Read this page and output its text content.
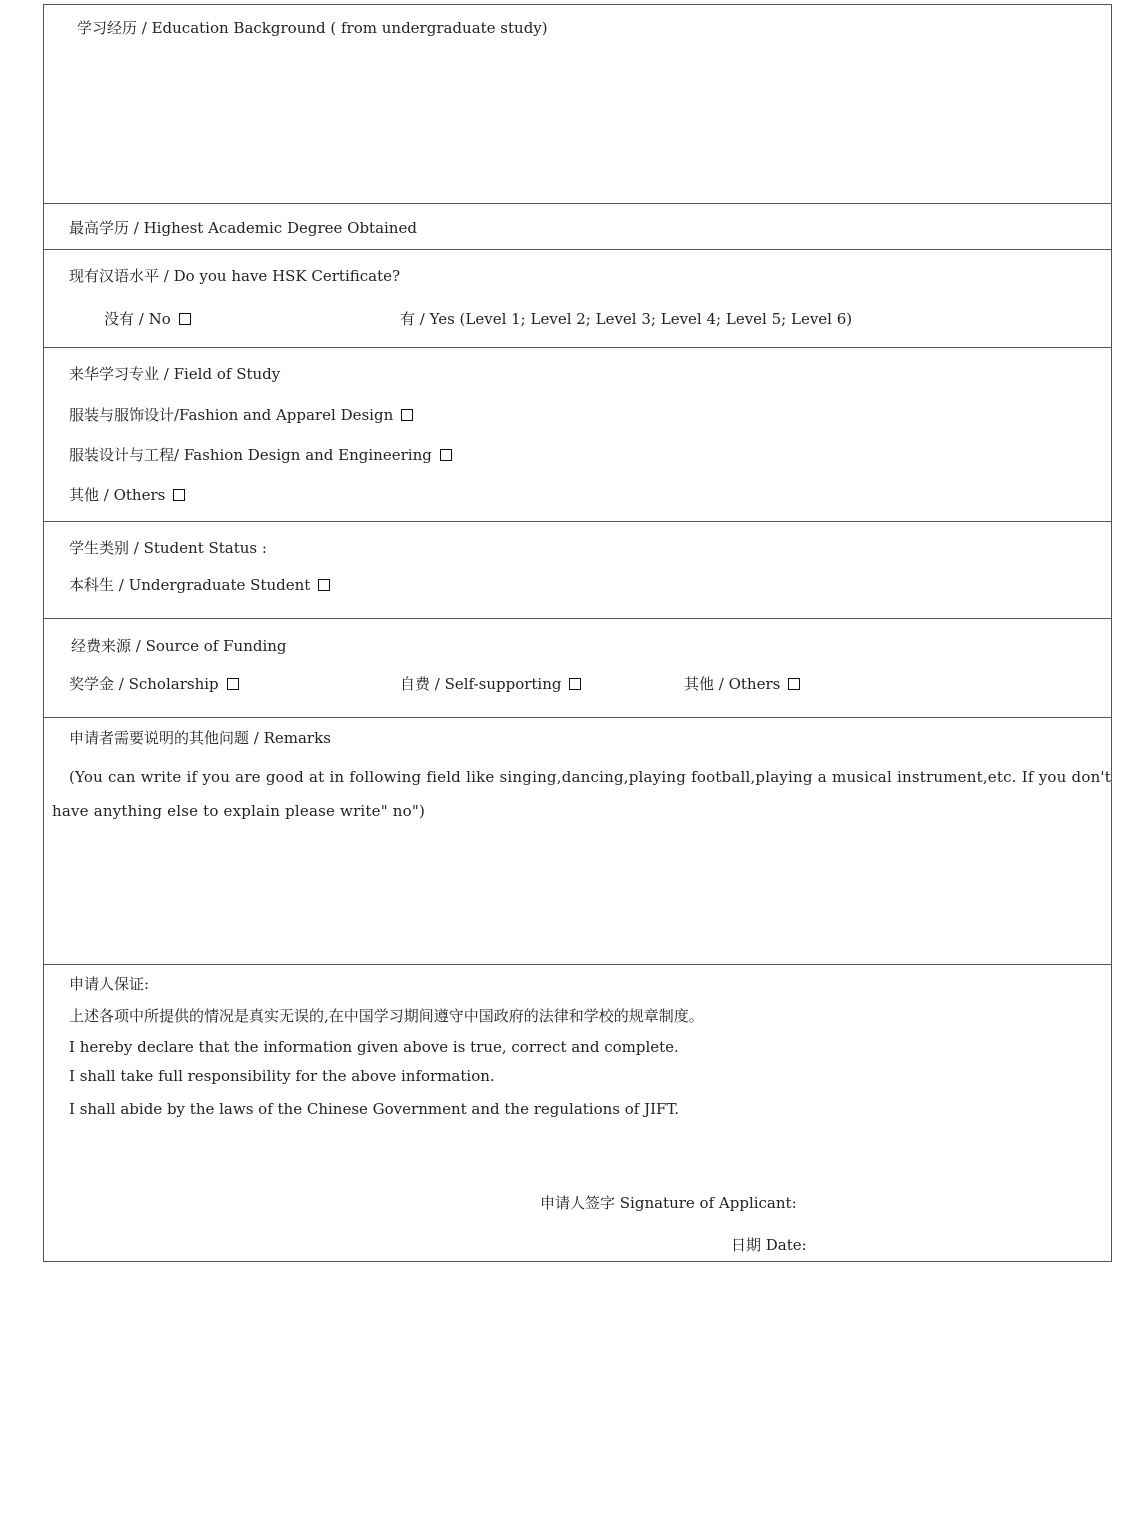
学习经历 / Education Background ( from undergraduate study)
最高学历 / Highest Academic Degree Obtained
现有汉语水平 / Do you have HSK Certificate?
没有 / No	有 / Yes (Level 1; Level 2; Level 3; Level 4; Level 5; Level 6)
来华学习专业 / Field of Study
服装与服饰设计/Fashion and Apparel Design
服装设计与工程/ Fashion Design and Engineering
其他 / Others
学生类别 / Student Status :
本科生 / Undergraduate Student
经费来源 / Source of Funding
奖学金 / Scholarship	自费 / Self-supporting	其他 / Others
申请者需要说明的其他问题 / Remarks
(You can write if you are good at in following field like singing,dancing,playing football,playing a musical instrument,etc. If you don't have anything else to explain please write" no")
申请人保证:
上述各项中所提供的情况是真实无误的,在中国学习期间遵守中国政府的法律和学校的规章制度。
I hereby declare that the information given above is true, correct and complete.
I shall take full responsibility for the above information.
I shall abide by the laws of the Chinese Government and the regulations of JIFT.
申请人签字 Signature of Applicant:
日期 Date:
